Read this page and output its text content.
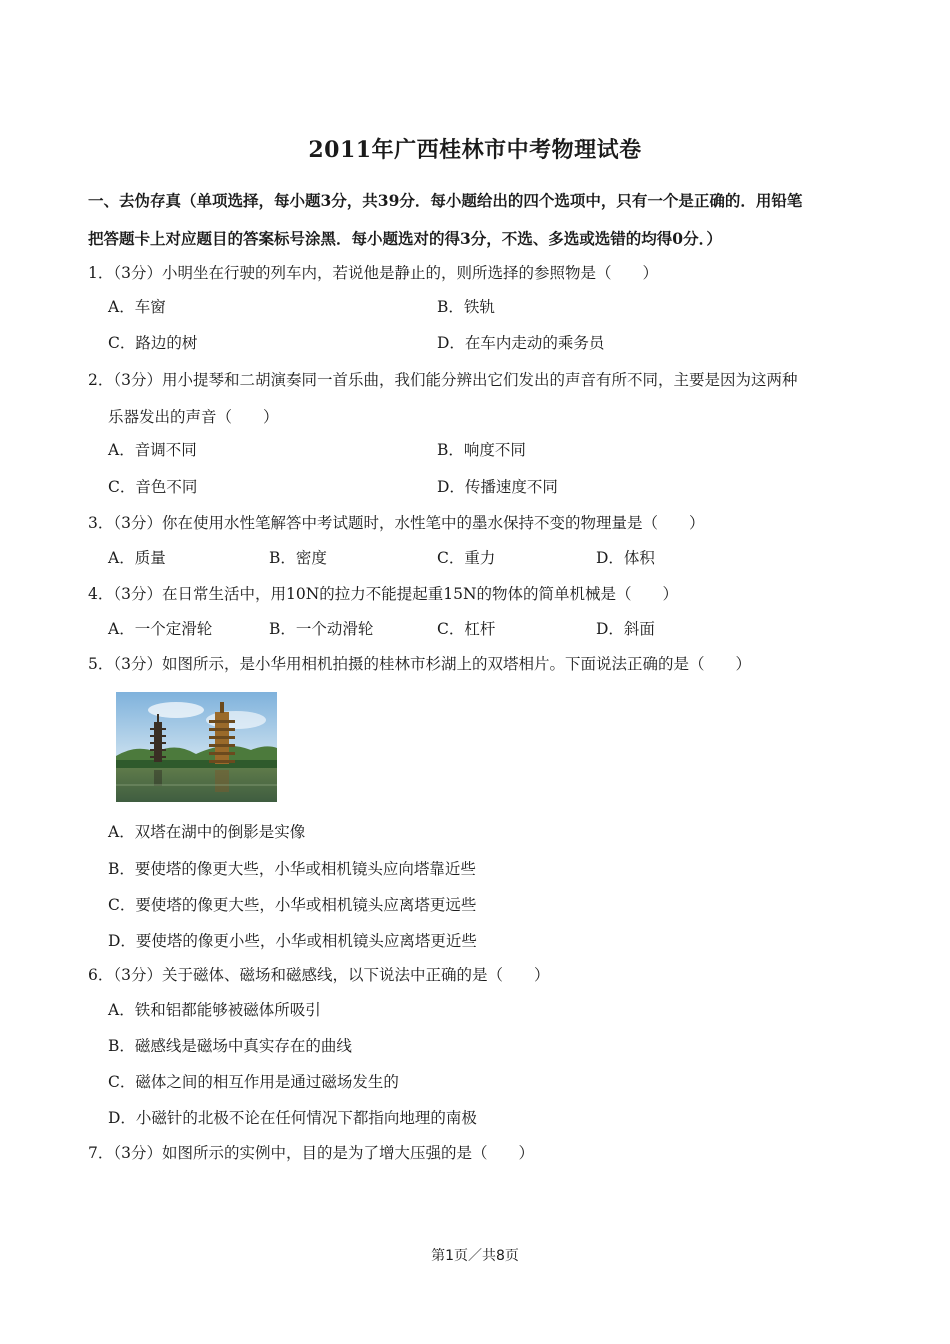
2011年广西桂林市中考物理试卷
一、去伪存真（单项选择，每小题3分，共39分．每小题给出的四个选项中，只有一个是正确的．用铅笔
把答题卡上对应题目的答案标号涂黑．每小题选对的得3分，不选、多选或选错的均得0分．）
1．（3分）小明坐在行驶的列车内，若说他是静止的，则所选择的参照物是（　　）
A．车窗	B．铁轨
C．路边的树	D．在车内走动的乘务员
2．（3分）用小提琴和二胡演奏同一首乐曲，我们能分辨出它们发出的声音有所不同，主要是因为这两种
乐器发出的声音（　　）
A．音调不同	B．响度不同
C．音色不同	D．传播速度不同
3．（3分）你在使用水性笔解答中考试题时，水性笔中的墨水保持不变的物理量是（　　）
A．质量	B．密度	C．重力	D．体积
4．（3分）在日常生活中，用10N的拉力不能提起重15N的物体的简单机械是（　　）
A．一个定滑轮	B．一个动滑轮	C．杠杆	D．斜面
5．（3分）如图所示，是小华用相机拍摄的桂林市杉湖上的双塔相片。下面说法正确的是（　　）
A．双塔在湖中的倒影是实像
B．要使塔的像更大些，小华或相机镜头应向塔靠近些
C．要使塔的像更大些，小华或相机镜头应离塔更远些
D．要使塔的像更小些，小华或相机镜头应离塔更近些
6．（3分）关于磁体、磁场和磁感线，以下说法中正确的是（　　）
A．铁和铝都能够被磁体所吸引
B．磁感线是磁场中真实存在的曲线
C．磁体之间的相互作用是通过磁场发生的
D．小磁针的北极不论在任何情况下都指向地理的南极
7．（3分）如图所示的实例中，目的是为了增大压强的是（　　）
第1页／共8页
